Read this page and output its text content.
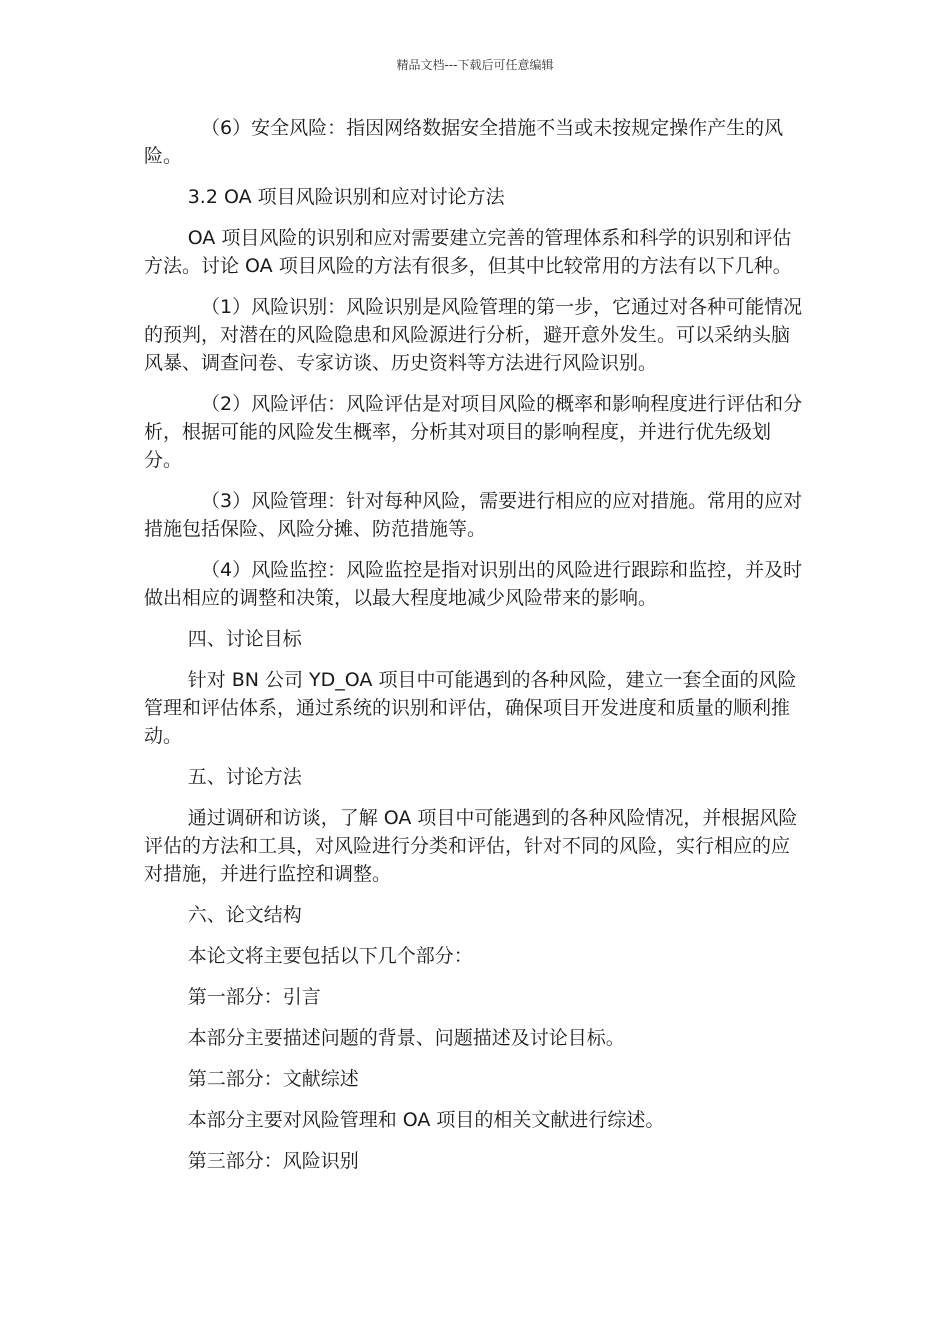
精品文档---下载后可任意编辑

（6）安全风险：指因网络数据安全措施不当或未按规定操作产生的风险。

3.2 OA 项目风险识别和应对讨论方法

OA 项目风险的识别和应对需要建立完善的管理体系和科学的识别和评估方法。讨论 OA 项目风险的方法有很多，但其中比较常用的方法有以下几种。

（1）风险识别：风险识别是风险管理的第一步，它通过对各种可能情况的预判，对潜在的风险隐患和风险源进行分析，避开意外发生。可以采纳头脑风暴、调查问卷、专家访谈、历史资料等方法进行风险识别。

（2）风险评估：风险评估是对项目风险的概率和影响程度进行评估和分析，根据可能的风险发生概率，分析其对项目的影响程度，并进行优先级划分。

（3）风险管理：针对每种风险，需要进行相应的应对措施。常用的应对措施包括保险、风险分摊、防范措施等。

（4）风险监控：风险监控是指对识别出的风险进行跟踪和监控，并及时做出相应的调整和决策，以最大程度地减少风险带来的影响。

四、讨论目标

针对 BN 公司 YD_OA 项目中可能遇到的各种风险，建立一套全面的风险管理和评估体系，通过系统的识别和评估，确保项目开发进度和质量的顺利推动。

五、讨论方法

通过调研和访谈，了解 OA 项目中可能遇到的各种风险情况，并根据风险评估的方法和工具，对风险进行分类和评估，针对不同的风险，实行相应的应对措施，并进行监控和调整。

六、论文结构

本论文将主要包括以下几个部分：

第一部分：引言

本部分主要描述问题的背景、问题描述及讨论目标。

第二部分：文献综述

本部分主要对风险管理和 OA 项目的相关文献进行综述。

第三部分：风险识别
